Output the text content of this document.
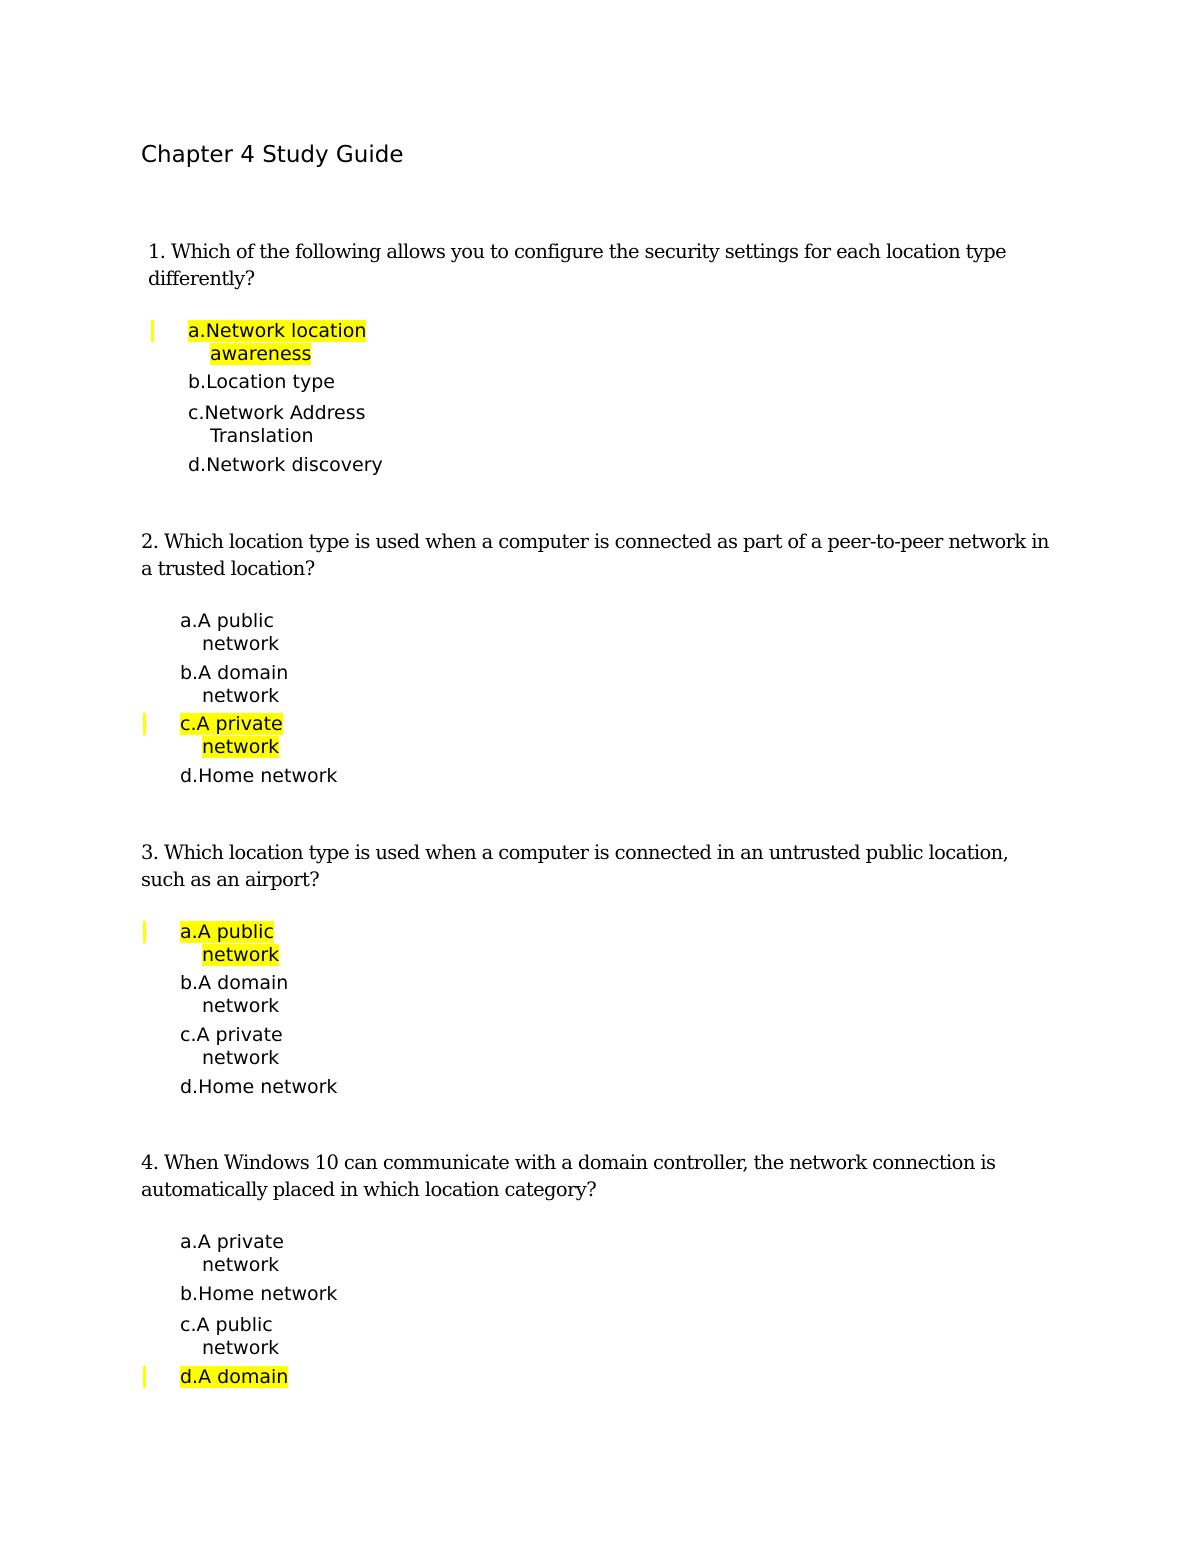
Chapter 4 Study Guide
1. Which of the following allows you to configure the security settings for each location type
differently?
a.Network location
awareness
b.Location type
c.Network Address
Translation
d.Network discovery
2. Which location type is used when a computer is connected as part of a peer-to-peer network in
a trusted location?
a.A public
network
b.A domain
network
c.A private
network
d.Home network
3. Which location type is used when a computer is connected in an untrusted public location,
such as an airport?
a.A public
network
b.A domain
network
c.A private
network
d.Home network
4. When Windows 10 can communicate with a domain controller, the network connection is
automatically placed in which location category?
a.A private
network
b.Home network
c.A public
network
d.A domain
